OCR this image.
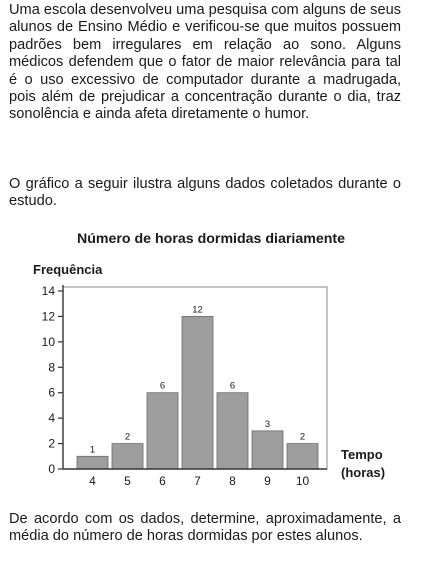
Uma escola desenvolveu uma pesquisa com alguns de seus alunos de Ensino Médio e verificou-se que muitos possuem padrões bem irregulares em relação ao sono. Alguns médicos defendem que o fator de maior relevância para tal é o uso excessivo de computador durante a madrugada, pois além de prejudicar a concentração durante o dia, traz sonolência e ainda afeta diretamente o humor.

O gráfico a seguir ilustra alguns dados coletados durante o estudo.

Número de horas dormidas diariamente

Frequência
1
2
6
12
6
3
2
0
2
4
6
8
10
12
14
4 5 6 7 8 9 10
Tempo
(horas)

De acordo com os dados, determine, aproximadamente, a média do número de horas dormidas por estes alunos.
